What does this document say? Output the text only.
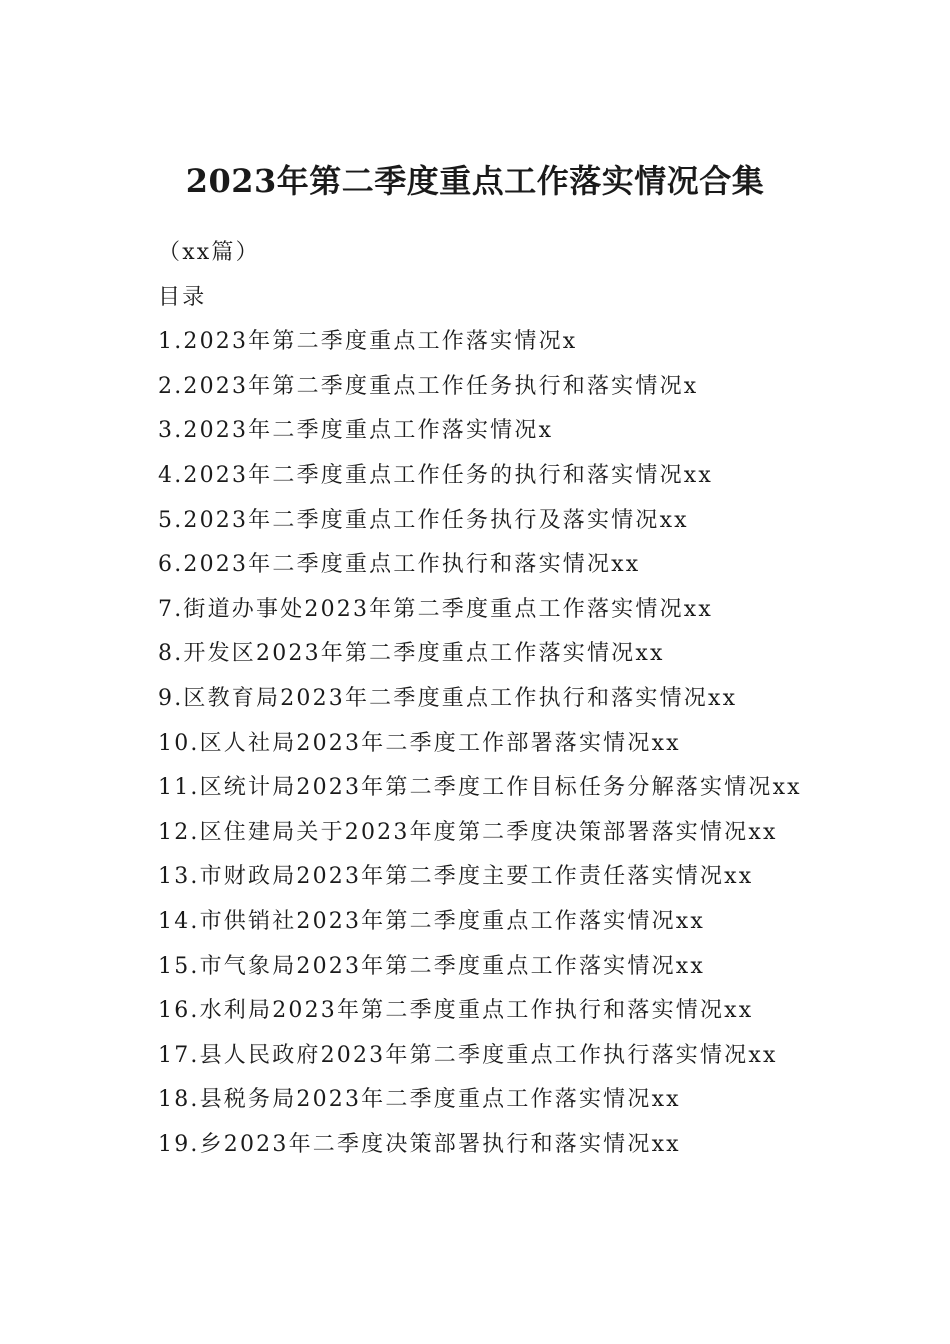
2023年第二季度重点工作落实情况合集

（xx篇）

目录

1.2023年第二季度重点工作落实情况x
2.2023年第二季度重点工作任务执行和落实情况x
3.2023年二季度重点工作落实情况x
4.2023年二季度重点工作任务的执行和落实情况xx
5.2023年二季度重点工作任务执行及落实情况xx
6.2023年二季度重点工作执行和落实情况xx
7.街道办事处2023年第二季度重点工作落实情况xx
8.开发区2023年第二季度重点工作落实情况xx
9.区教育局2023年二季度重点工作执行和落实情况xx
10.区人社局2023年二季度工作部署落实情况xx
11.区统计局2023年第二季度工作目标任务分解落实情况xx
12.区住建局关于2023年度第二季度决策部署落实情况xx
13.市财政局2023年第二季度主要工作责任落实情况xx
14.市供销社2023年第二季度重点工作落实情况xx
15.市气象局2023年第二季度重点工作落实情况xx
16.水利局2023年第二季度重点工作执行和落实情况xx
17.县人民政府2023年第二季度重点工作执行落实情况xx
18.县税务局2023年二季度重点工作落实情况xx
19.乡2023年二季度决策部署执行和落实情况xx
